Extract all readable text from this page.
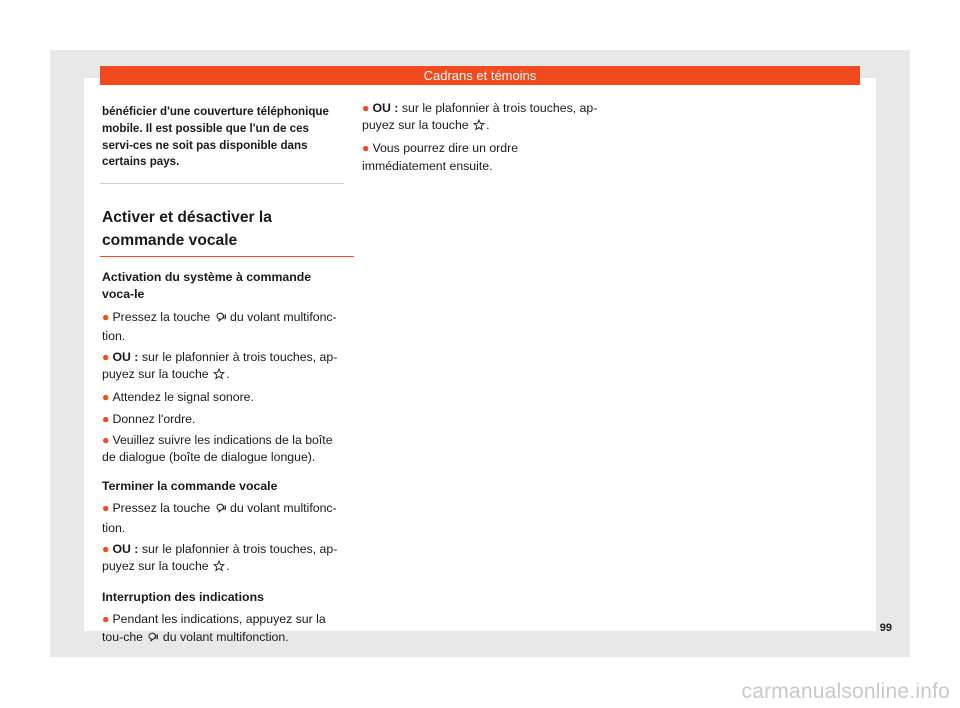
Cadrans et témoins

bénéficier d'une couverture téléphonique mobile. Il est possible que l'un de ces servi-ces ne soit pas disponible dans certains pays.

Activer et désactiver la commande vocale

Activation du système à commande voca-le

● Pressez la touche du volant multifonc-tion.

● OU : sur le plafonnier à trois touches, ap-puyez sur la touche .

● Attendez le signal sonore.

● Donnez l'ordre.

● Veuillez suivre les indications de la boîte de dialogue (boîte de dialogue longue).

Terminer la commande vocale

● Pressez la touche du volant multifonc-tion.

● OU : sur le plafonnier à trois touches, ap-puyez sur la touche .

Interruption des indications

● Pendant les indications, appuyez sur la tou-che du volant multifonction.

● OU : sur le plafonnier à trois touches, ap-puyez sur la touche .

● Vous pourrez dire un ordre immédiatement ensuite.

99
carmanualsonline.info
